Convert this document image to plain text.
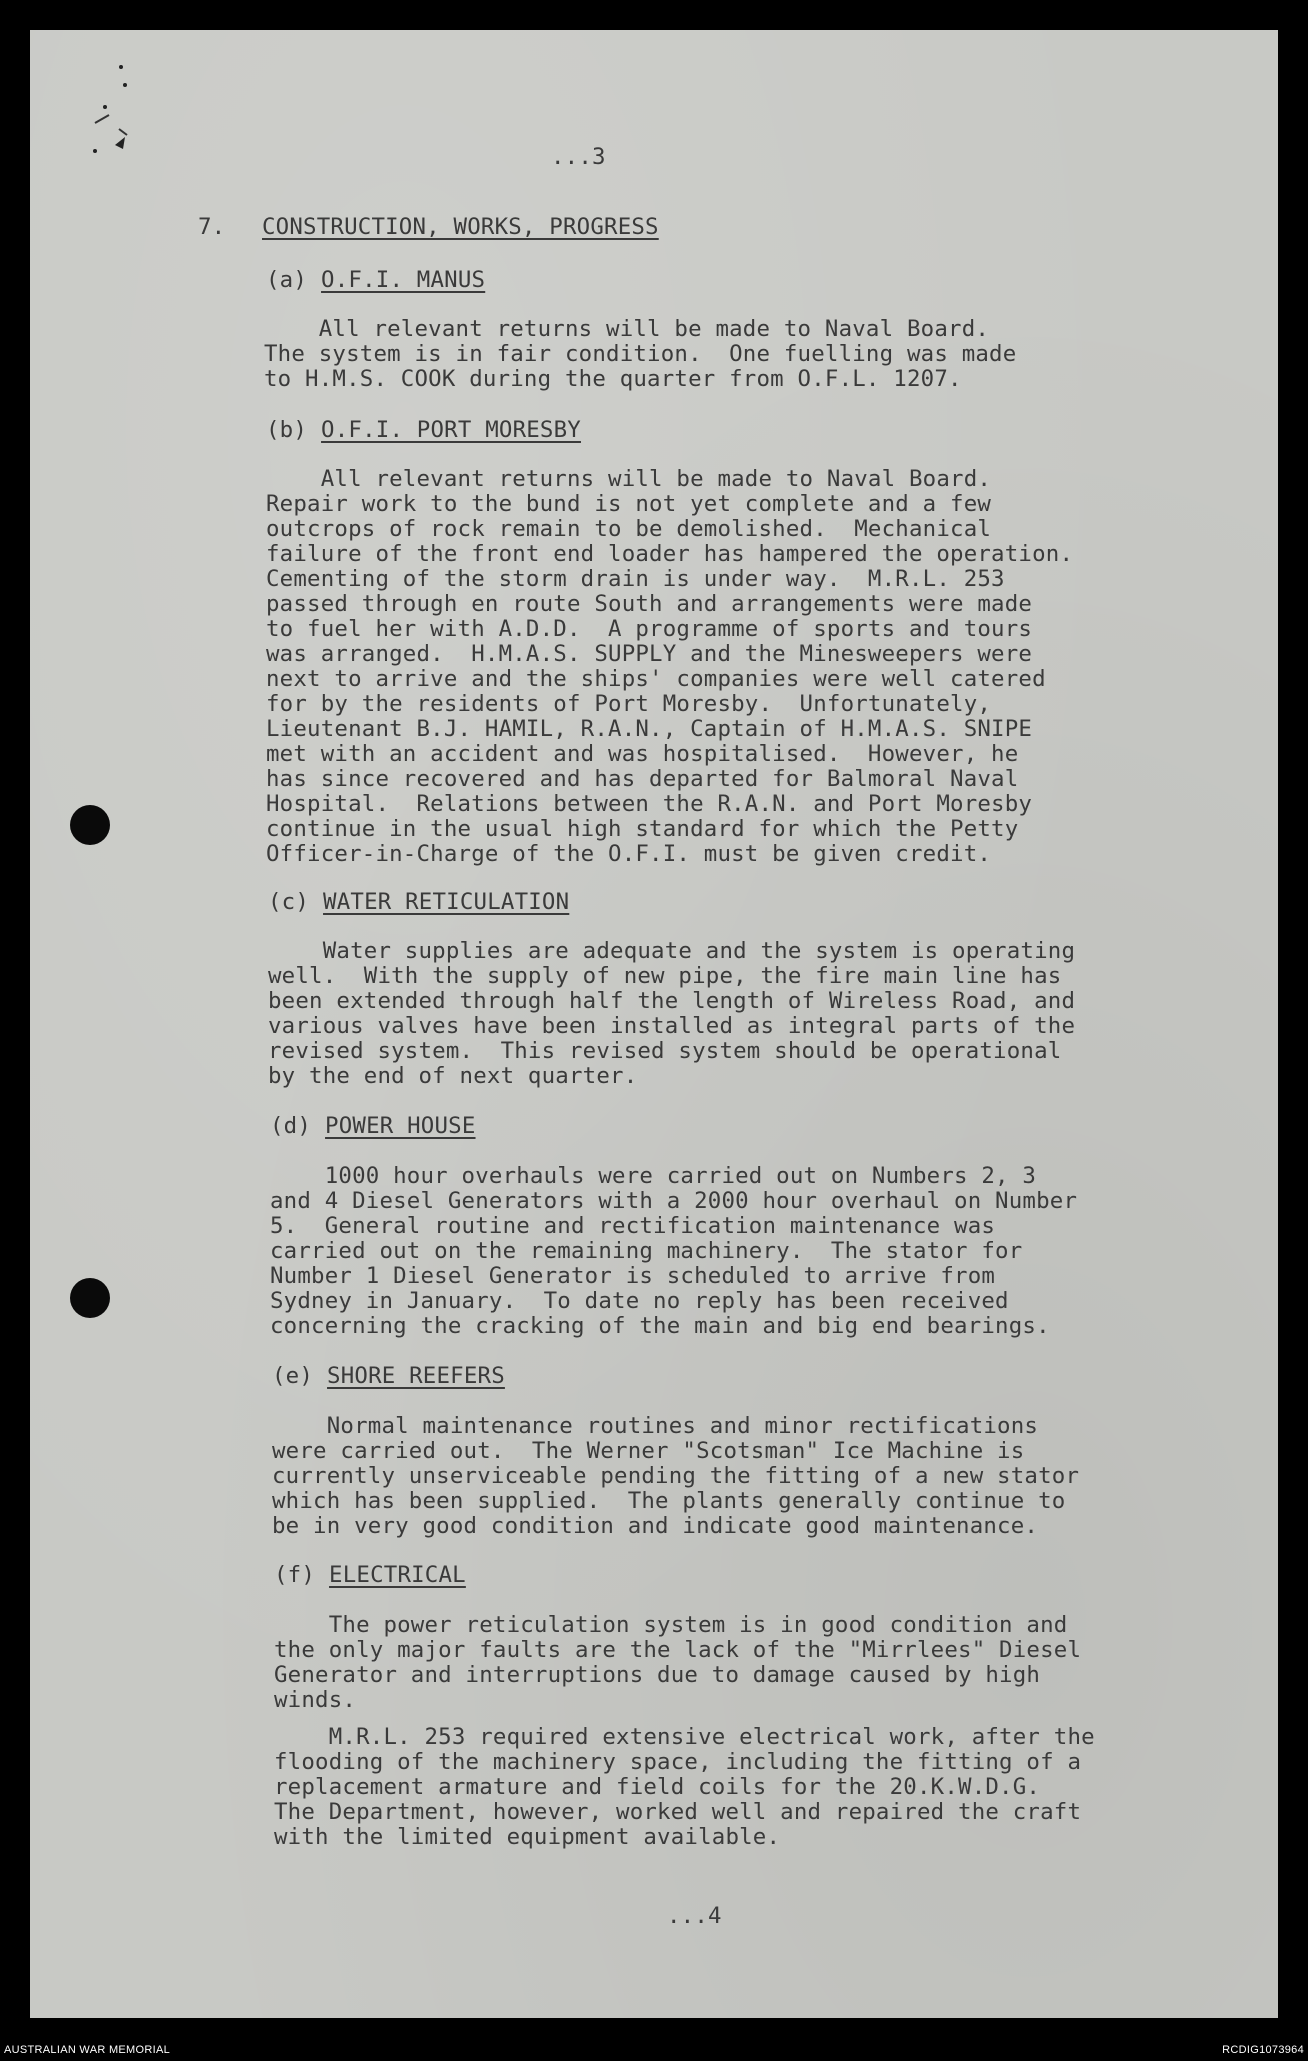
...3
7. CONSTRUCTION, WORKS, PROGRESS
(a) O.F.I. MANUS
All relevant returns will be made to Naval Board.
The system is in fair condition.  One fuelling was made
to H.M.S. COOK during the quarter from O.F.L. 1207.
(b) O.F.I. PORT MORESBY
All relevant returns will be made to Naval Board.
Repair work to the bund is not yet complete and a few
outcrops of rock remain to be demolished.  Mechanical
failure of the front end loader has hampered the operation.
Cementing of the storm drain is under way.  M.R.L. 253
passed through en route South and arrangements were made
to fuel her with A.D.D.  A programme of sports and tours
was arranged.  H.M.A.S. SUPPLY and the Minesweepers were
next to arrive and the ships' companies were well catered
for by the residents of Port Moresby.  Unfortunately,
Lieutenant B.J. HAMIL, R.A.N., Captain of H.M.A.S. SNIPE
met with an accident and was hospitalised.  However, he
has since recovered and has departed for Balmoral Naval
Hospital.  Relations between the R.A.N. and Port Moresby
continue in the usual high standard for which the Petty
Officer-in-Charge of the O.F.I. must be given credit.
(c) WATER RETICULATION
Water supplies are adequate and the system is operating
well.  With the supply of new pipe, the fire main line has
been extended through half the length of Wireless Road, and
various valves have been installed as integral parts of the
revised system.  This revised system should be operational
by the end of next quarter.
(d) POWER HOUSE
1000 hour overhauls were carried out on Numbers 2, 3
and 4 Diesel Generators with a 2000 hour overhaul on Number
5.  General routine and rectification maintenance was
carried out on the remaining machinery.  The stator for
Number 1 Diesel Generator is scheduled to arrive from
Sydney in January.  To date no reply has been received
concerning the cracking of the main and big end bearings.
(e) SHORE REEFERS
Normal maintenance routines and minor rectifications
were carried out.  The Werner "Scotsman" Ice Machine is
currently unserviceable pending the fitting of a new stator
which has been supplied.  The plants generally continue to
be in very good condition and indicate good maintenance.
(f) ELECTRICAL
The power reticulation system is in good condition and
the only major faults are the lack of the "Mirrlees" Diesel
Generator and interruptions due to damage caused by high
winds.
M.R.L. 253 required extensive electrical work, after the
flooding of the machinery space, including the fitting of a
replacement armature and field coils for the 20.K.W.D.G.
The Department, however, worked well and repaired the craft
with the limited equipment available.
...4
AUSTRALIAN WAR MEMORIAL	RCDIG1073964
